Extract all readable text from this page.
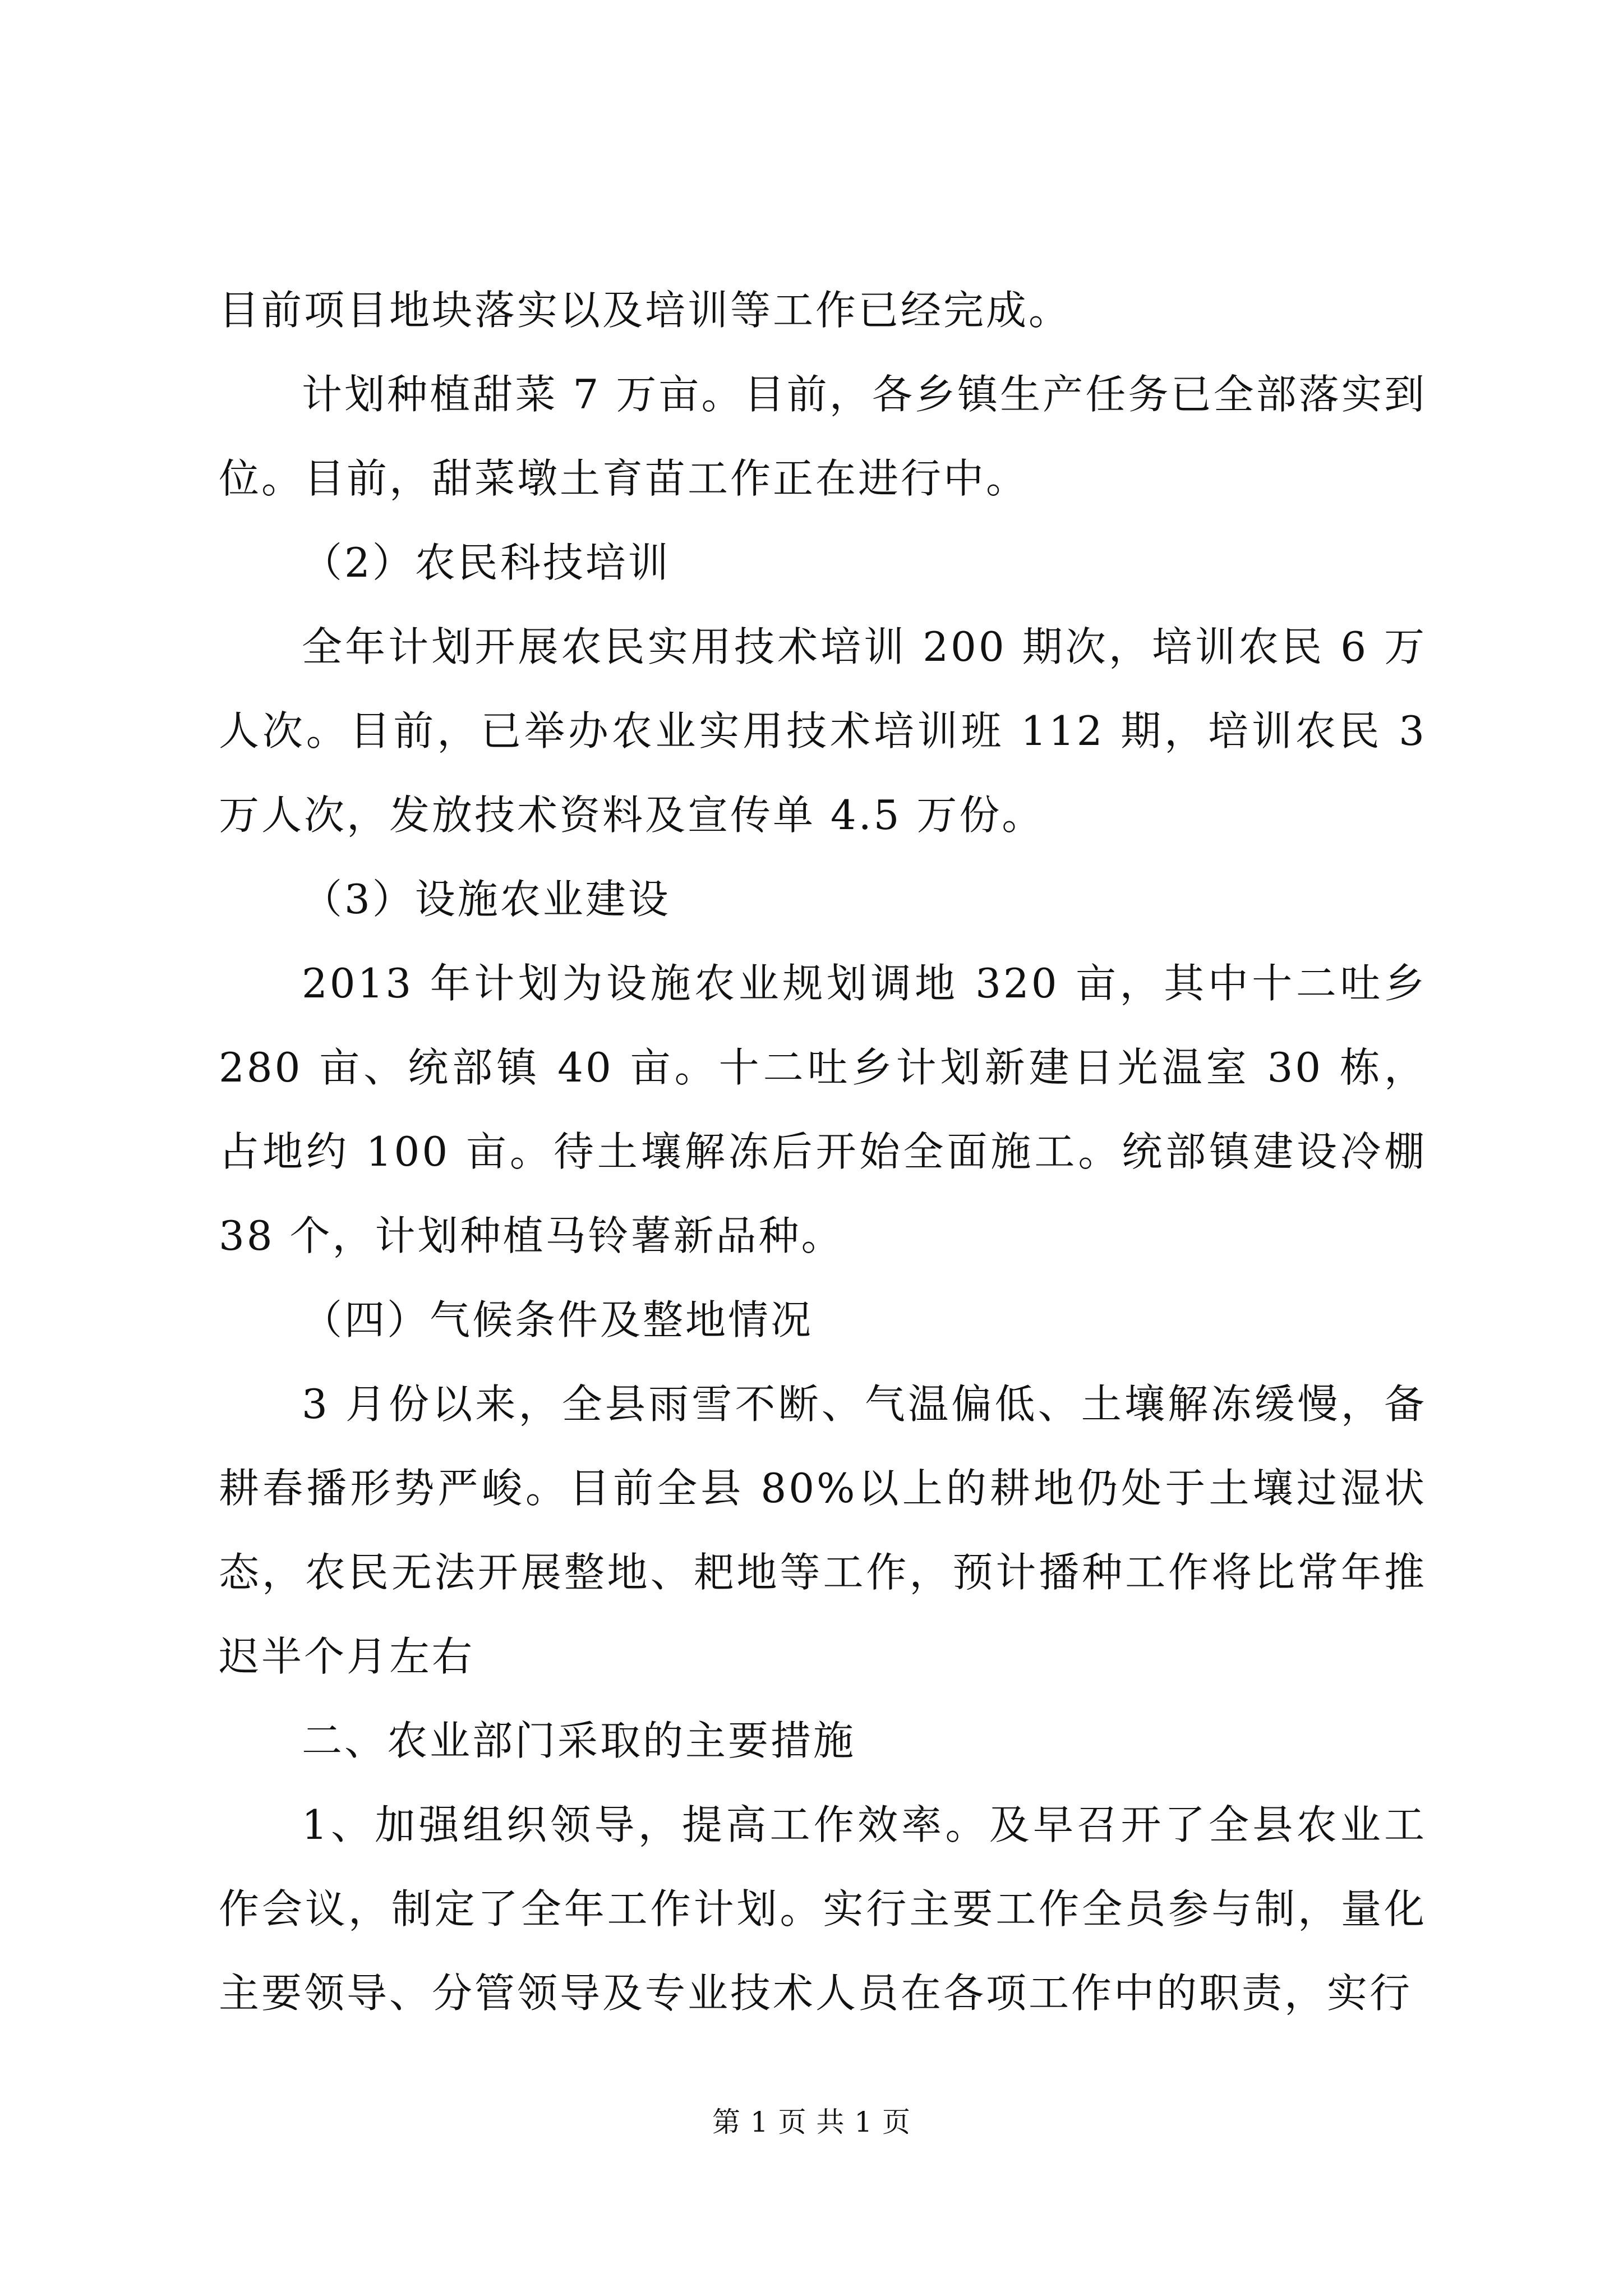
目前项目地块落实以及培训等工作已经完成。

计划种植甜菜 7 万亩。目前，各乡镇生产任务已全部落实到位。目前，甜菜墩土育苗工作正在进行中。

（2）农民科技培训

全年计划开展农民实用技术培训 200 期次，培训农民 6 万人次。目前，已举办农业实用技术培训班 112 期，培训农民 3 万人次，发放技术资料及宣传单 4.5 万份。

（3）设施农业建设

2013 年计划为设施农业规划调地 320 亩，其中十二吐乡 280 亩、统部镇 40 亩。十二吐乡计划新建日光温室 30 栋，占地约 100 亩。待土壤解冻后开始全面施工。统部镇建设冷棚 38 个，计划种植马铃薯新品种。

（四）气候条件及整地情况

3 月份以来，全县雨雪不断、气温偏低、土壤解冻缓慢，备耕春播形势严峻。目前全县 80%以上的耕地仍处于土壤过湿状态，农民无法开展整地、耙地等工作，预计播种工作将比常年推迟半个月左右

二、农业部门采取的主要措施

1、加强组织领导，提高工作效率。及早召开了全县农业工作会议，制定了全年工作计划。实行主要工作全员参与制，量化主要领导、分管领导及专业技术人员在各项工作中的职责，实行

第 1 页 共 1 页
